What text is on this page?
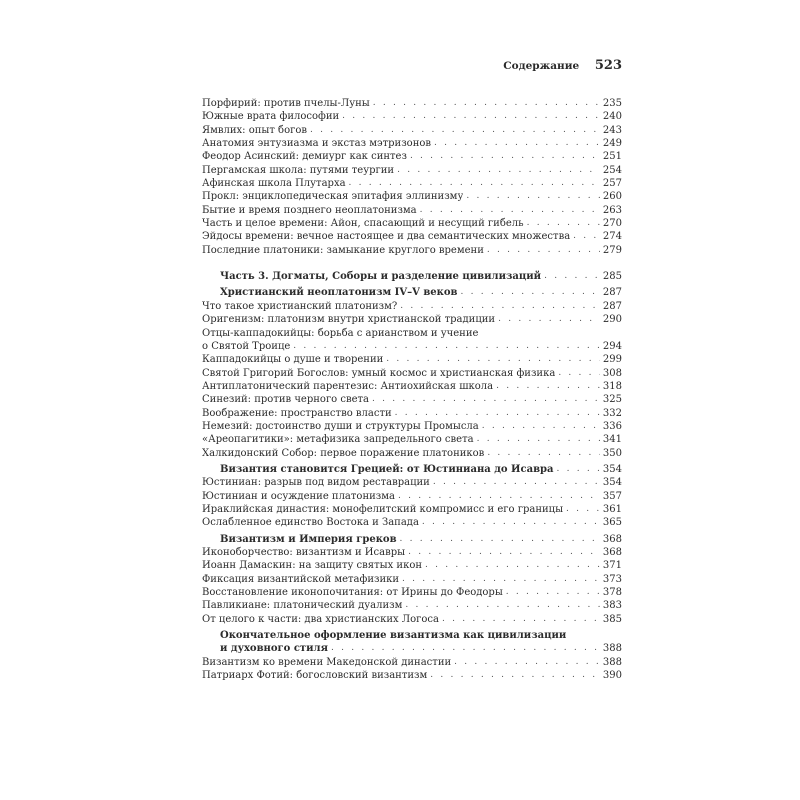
Содержание 523
Порфирий: против пчелы-Луны . . .	235
Южные врата философии . . .	240
Ямвлих: опыт богов . . .	243
Анатомия энтузиазма и экстаз мэтризонов . . .	249
Феодор Асинский: демиург как синтез . . .	251
Пергамская школа: путями теургии . . .	254
Афинская школа Плутарха . . .	257
Прокл: энциклопедическая эпитафия эллинизму . . .	260
Бытие и время позднего неоплатонизма . . .	263
Часть и целое времени: Айон, спасающий и несущий гибель . . .	270
Эйдосы времени: вечное настоящее и два семантических множества . . .	274
Последние платоники: замыкание круглого времени . . .	279
Часть 3. Догматы, Соборы и разделение цивилизаций . . .	285
Христианский неоплатонизм IV–V веков . . .	287
Что такое христианский платонизм? . . .	287
Оригенизм: платонизм внутри христианской традиции . . .	290
Отцы-каппадокийцы: борьба с арианством и учение
о Святой Троице . . .	294
Каппадокийцы о душе и творении . . .	299
Святой Григорий Богослов: умный космос и христианская физика . . .	308
Антиплатонический парентезис: Антиохийская школа . . .	318
Синезий: против черного света . . .	325
Воображение: пространство власти . . .	332
Немезий: достоинство души и структуры Промысла . . .	336
«Ареопагитики»: метафизика запредельного света . . .	341
Халкидонский Собор: первое поражение платоников . . .	350
Византия становится Грецией: от Юстиниана до Исавра . . .	354
Юстиниан: разрыв под видом реставрации . . .	354
Юстиниан и осуждение платонизма . . .	357
Ираклийская династия: монофелитский компромисс и его границы . . .	361
Ослабленное единство Востока и Запада . . .	365
Византизм и Империя греков . . .	368
Иконоборчество: византизм и Исавры . . .	368
Иоанн Дамаскин: на защиту святых икон . . .	371
Фиксация византийской метафизики . . .	373
Восстановление иконопочитания: от Ирины до Феодоры . . .	378
Павликиане: платонический дуализм . . .	383
От целого к части: два христианских Логоса . . .	385
Окончательное оформление византизма как цивилизации
и духовного стиля . . .	388
Византизм ко времени Македонской династии . . .	388
Патриарх Фотий: богословский византизм . . .	390
